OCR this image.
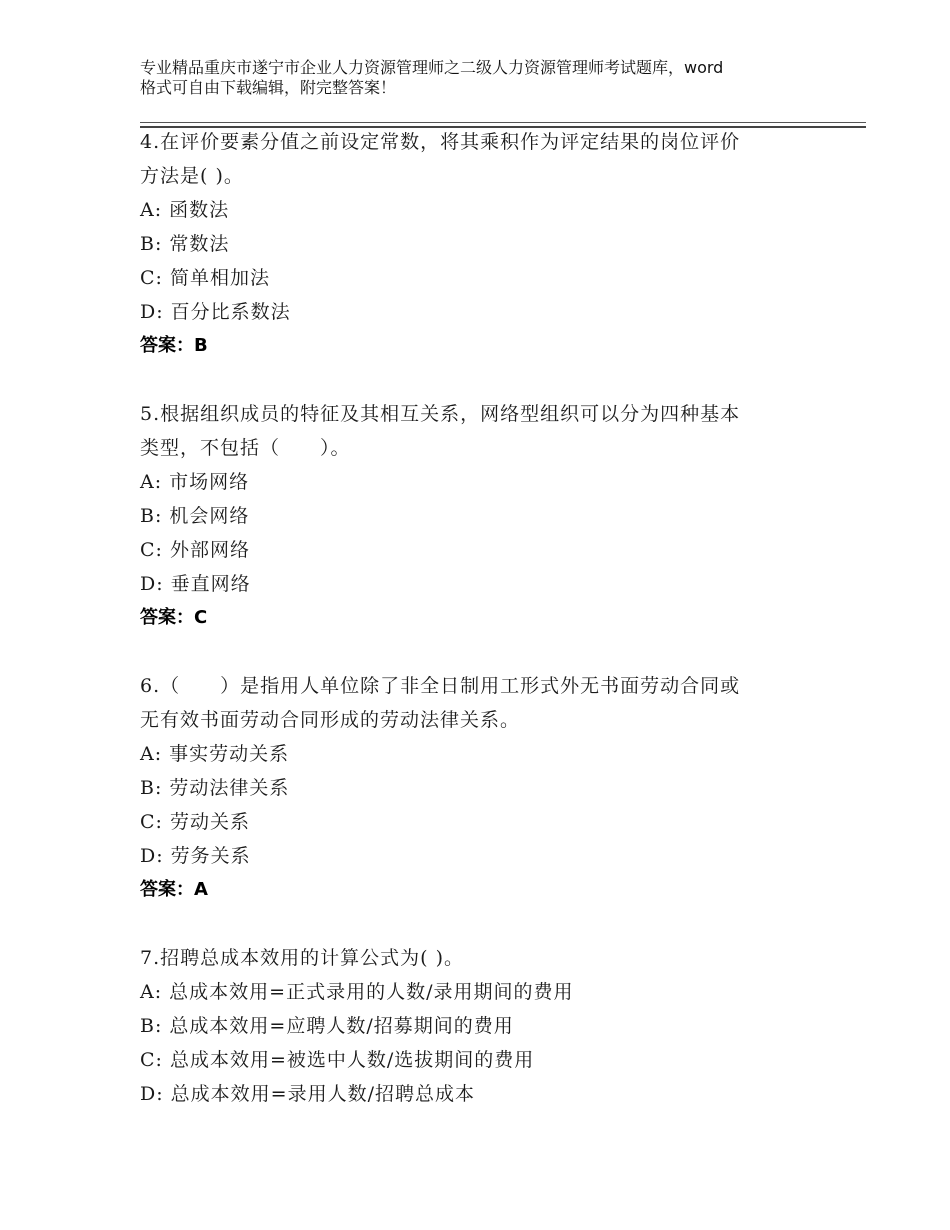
专业精品重庆市遂宁市企业人力资源管理师之二级人力资源管理师考试题库，word
格式可自由下载编辑，附完整答案！
4.在评价要素分值之前设定常数，将其乘积作为评定结果的岗位评价
方法是( )。
A: 函数法
B: 常数法
C: 简单相加法
D: 百分比系数法
答案：B
5.根据组织成员的特征及其相互关系，网络型组织可以分为四种基本
类型，不包括（　　）。
A: 市场网络
B: 机会网络
C: 外部网络
D: 垂直网络
答案：C
6.（　　）是指用人单位除了非全日制用工形式外无书面劳动合同或
无有效书面劳动合同形成的劳动法律关系。
A: 事实劳动关系
B: 劳动法律关系
C: 劳动关系
D: 劳务关系
答案：A
7.招聘总成本效用的计算公式为( )。
A: 总成本效用=正式录用的人数/录用期间的费用
B: 总成本效用=应聘人数/招募期间的费用
C: 总成本效用=被选中人数/选拔期间的费用
D: 总成本效用=录用人数/招聘总成本
